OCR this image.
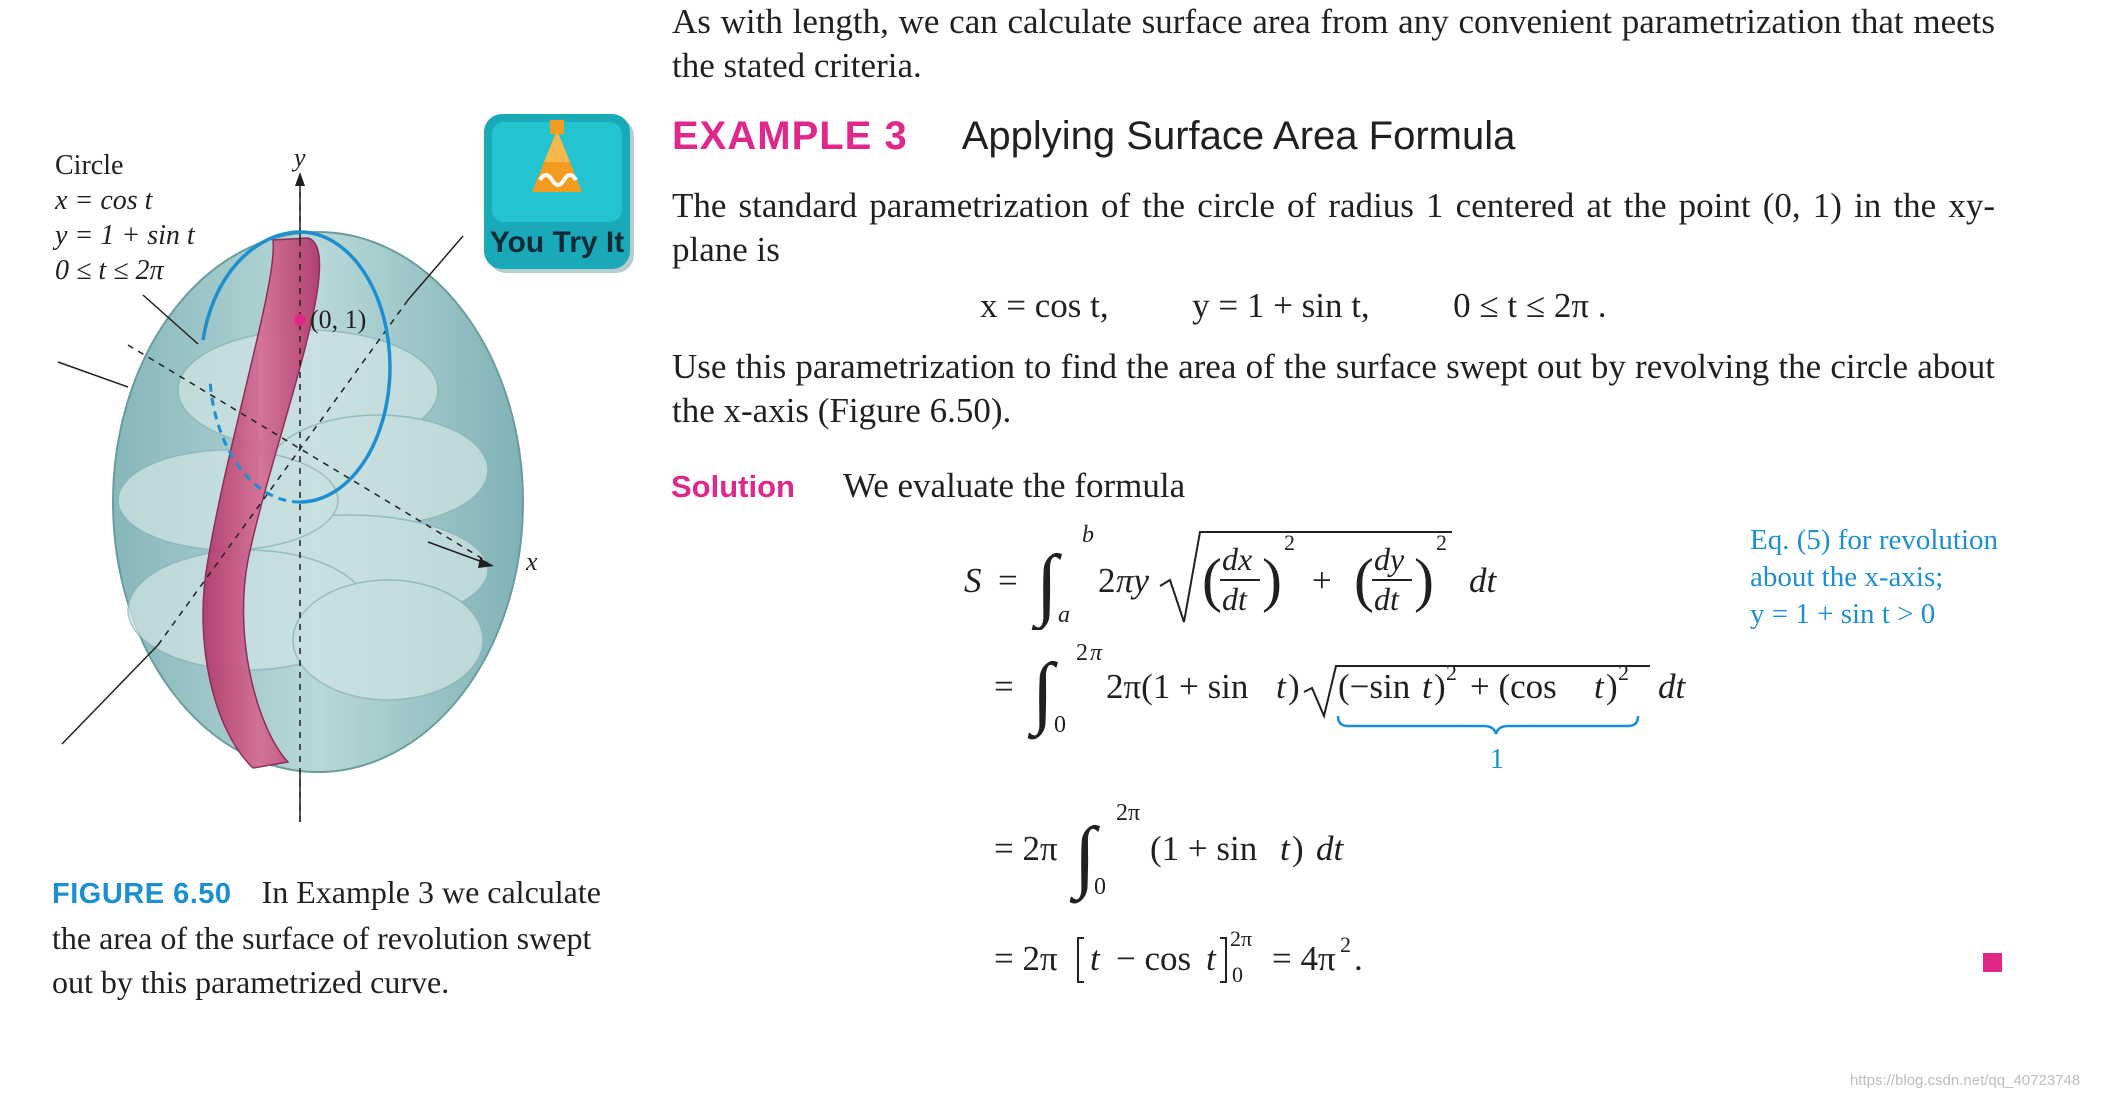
As with length, we can calculate surface area from any convenient parametrization that meets the stated criteria.
You Try It
EXAMPLE 3 Applying Surface Area Formula
The standard parametrization of the circle of radius 1 centered at the point (0, 1) in the xy-plane is
x = cos t, y = 1 + sin t, 0 ≤ t ≤ 2π .
Use this parametrization to find the area of the surface swept out by revolving the circle about the x-axis (Figure 6.50).
Solution We evaluate the formula
Eq. (5) for revolution
about the x-axis;
y = 1 + sin t > 0
S = ∫
b
a
2 πy ( dx
dt )
2
+ ( dy
dt )
2
dt
= ∫ 2 π
0
2π(1 + sin t ) (−sin t ) 2 + (cos t ) 2 dt
1
= 2π ∫ 2π
0
(1 + sin t ) dt
= 2π t − cos t
2π
0 = 4π 2 .
(0, 1)
y
x
Circle
x = cos t
y = 1 + sin t
0 ≤ t ≤ 2π
FIGURE 6.50 In Example 3 we calculate the area of the surface of revolution swept out by this parametrized curve.
https://blog.csdn.net/qq_40723748
